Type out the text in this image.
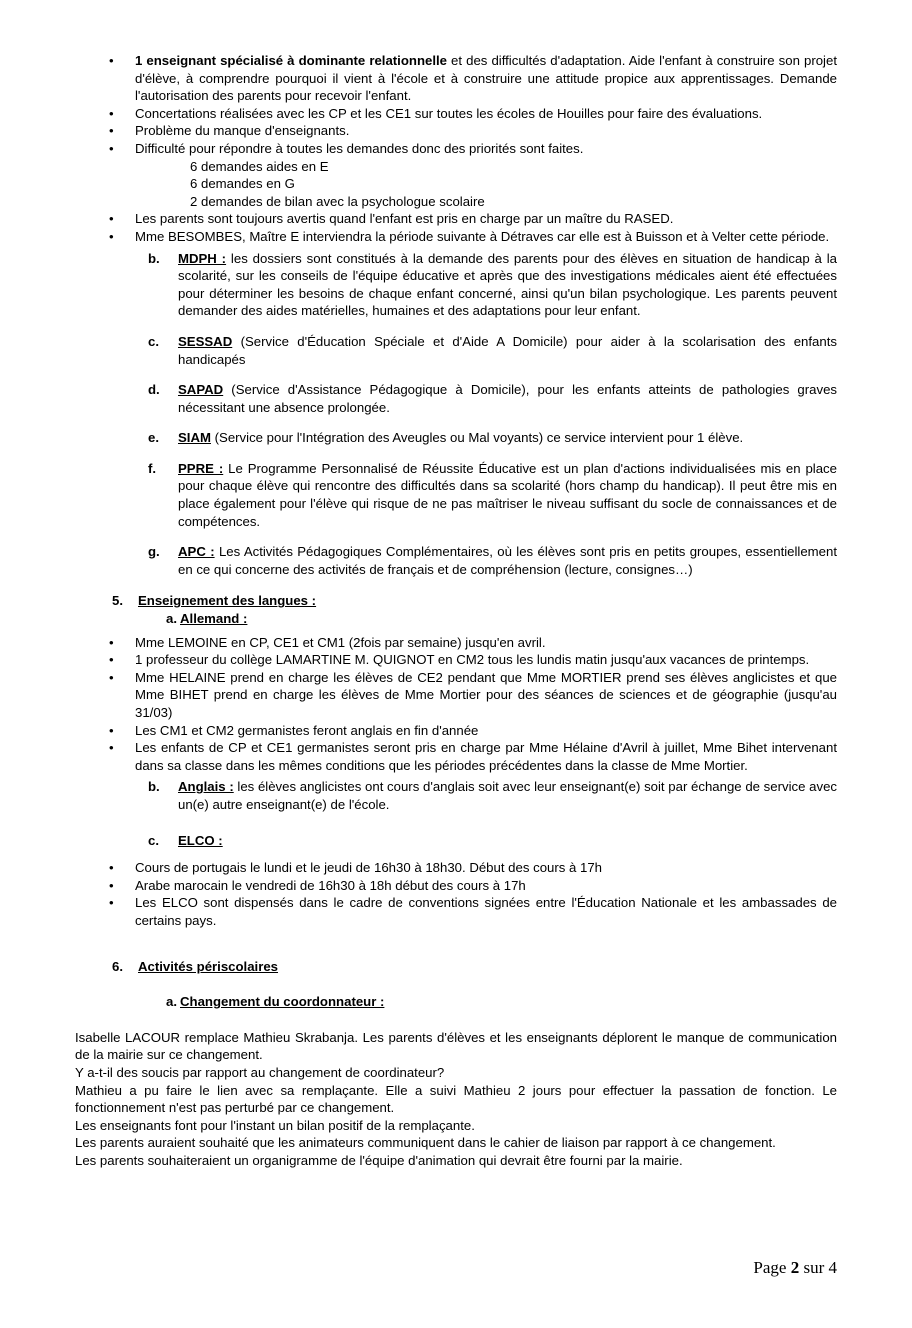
• 1 enseignant spécialisé à dominante relationnelle et des difficultés d'adaptation. Aide l'enfant à construire son projet d'élève, à comprendre pourquoi il vient à l'école et à construire une attitude propice aux apprentissages. Demande l'autorisation des parents pour recevoir l'enfant.
• Concertations réalisées avec les CP et les CE1 sur toutes les écoles de Houilles pour faire des évaluations.
• Problème du manque d'enseignants.
• Difficulté pour répondre à toutes les demandes donc des priorités sont faites.
6 demandes aides en E
6 demandes en G
2 demandes de bilan avec la psychologue scolaire
• Les parents sont toujours avertis quand l'enfant est pris en charge par un maître du RASED.
• Mme BESOMBES, Maître E interviendra la période suivante à Détraves car elle est à Buisson et à Velter cette période.
b. MDPH : les dossiers sont constitués à la demande des parents pour des élèves en situation de handicap à la scolarité, sur les conseils de l'équipe éducative et après que des investigations médicales aient été effectuées pour déterminer les besoins de chaque enfant concerné, ainsi qu'un bilan psychologique. Les parents peuvent demander des aides matérielles, humaines et des adaptations pour leur enfant.
c. SESSAD (Service d'Éducation Spéciale et d'Aide A Domicile) pour aider à la scolarisation des enfants handicapés
d. SAPAD (Service d'Assistance Pédagogique à Domicile), pour les enfants atteints de pathologies graves nécessitant une absence prolongée.
e. SIAM (Service pour l'Intégration des Aveugles ou Mal voyants) ce service intervient pour 1 élève.
f. PPRE : Le Programme Personnalisé de Réussite Éducative est un plan d'actions individualisées mis en place pour chaque élève qui rencontre des difficultés dans sa scolarité (hors champ du handicap). Il peut être mis en place également pour l'élève qui risque de ne pas maîtriser le niveau suffisant du socle de connaissances et de compétences.
g. APC : Les Activités Pédagogiques Complémentaires, où les élèves sont pris en petits groupes, essentiellement en ce qui concerne des activités de français et de compréhension (lecture, consignes…)
5. Enseignement des langues :
a. Allemand :
• Mme LEMOINE en CP, CE1 et CM1 (2fois par semaine) jusqu'en avril.
• 1 professeur du collège LAMARTINE M. QUIGNOT en CM2 tous les lundis matin jusqu'aux vacances de printemps.
• Mme HELAINE prend en charge les élèves de CE2 pendant que Mme MORTIER prend ses élèves anglicistes et que Mme BIHET prend en charge les élèves de Mme Mortier pour des séances de sciences et de géographie (jusqu'au 31/03)
• Les CM1 et CM2 germanistes feront anglais en fin d'année
• Les enfants de CP et CE1 germanistes seront pris en charge par Mme Hélaine d'Avril à juillet, Mme Bihet intervenant dans sa classe dans les mêmes conditions que les périodes précédentes dans la classe de Mme Mortier.
b. Anglais : les élèves anglicistes ont cours d'anglais soit avec leur enseignant(e) soit par échange de service avec un(e) autre enseignant(e) de l'école.
c. ELCO :
• Cours de portugais le lundi et le jeudi de 16h30 à 18h30. Début des cours à 17h
• Arabe marocain le vendredi de 16h30 à 18h début des cours à 17h
• Les ELCO sont dispensés dans le cadre de conventions signées entre l'Éducation Nationale et les ambassades de certains pays.
6. Activités périscolaires
a. Changement du coordonnateur :
Isabelle LACOUR remplace Mathieu Skrabanja. Les parents d'élèves et les enseignants déplorent le manque de communication de la mairie sur ce changement.
Y a-t-il des soucis par rapport au changement de coordinateur?
Mathieu a pu faire le lien avec sa remplaçante. Elle a suivi Mathieu 2 jours pour effectuer la passation de fonction. Le fonctionnement n'est pas perturbé par ce changement.
Les enseignants font pour l'instant un bilan positif de la remplaçante.
Les parents auraient souhaité que les animateurs communiquent dans le cahier de liaison par rapport à ce changement.
Les parents souhaiteraient un organigramme de l'équipe d'animation qui devrait être fourni par la mairie.
Page 2 sur 4
